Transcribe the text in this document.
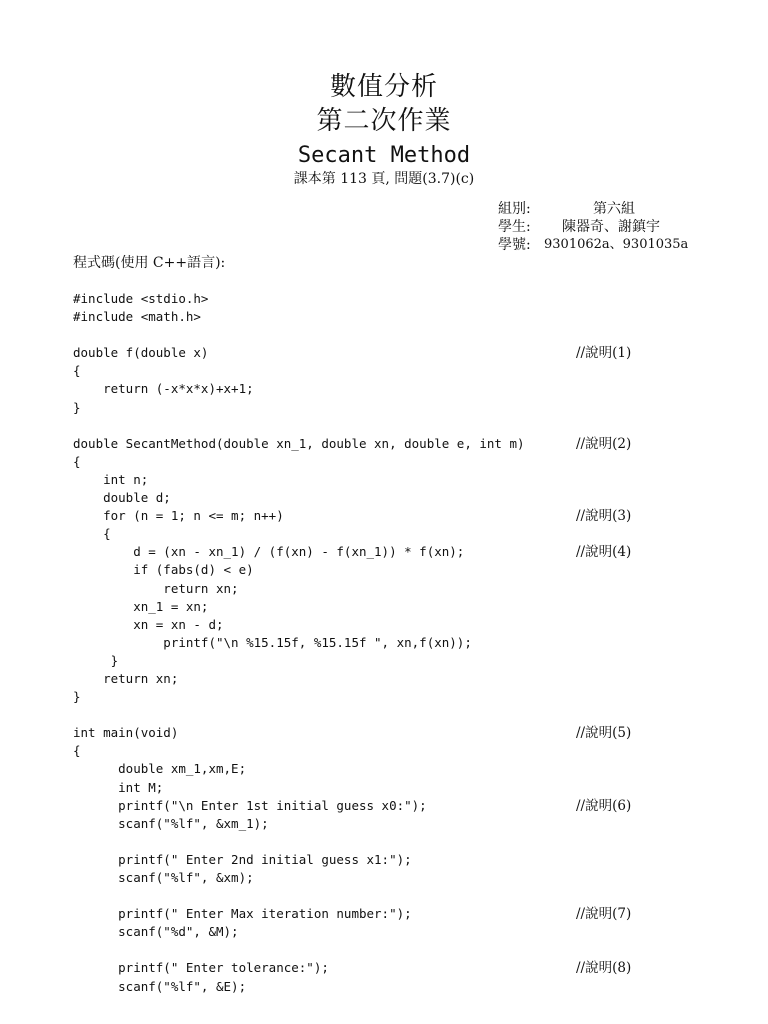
數值分析
第二次作業
Secant Method
課本第 113 頁, 問題(3.7)(c)
組別:	第六組
學生: 陳器奇、謝鎮宇
學號: 9301062a、9301035a
程式碼(使用 C++語言):
#include <stdio.h>
#include <math.h>
double f(double x)	//說明(1)
{
return (-x*x*x)+x+1;
}
double SecantMethod(double xn_1, double xn, double e, int m)	//說明(2)
{
int n;
double d;
for (n = 1; n <= m; n++)	//說明(3)
{
d = (xn - xn_1) / (f(xn) - f(xn_1)) * f(xn);	//說明(4)
if (fabs(d) < e)
return xn;
xn_1 = xn;
xn = xn - d;
printf("\n %15.15f, %15.15f ", xn,f(xn));
}
return xn;
}
int main(void)	//說明(5)
{
double xm_1,xm,E;
int M;
printf("\n Enter 1st initial guess x0:");	//說明(6)
scanf("%lf", &xm_1);
printf(" Enter 2nd initial guess x1:");
scanf("%lf", &xm);
printf(" Enter Max iteration number:");	//說明(7)
scanf("%d", &M);
printf(" Enter tolerance:");	//說明(8)
scanf("%lf", &E);
